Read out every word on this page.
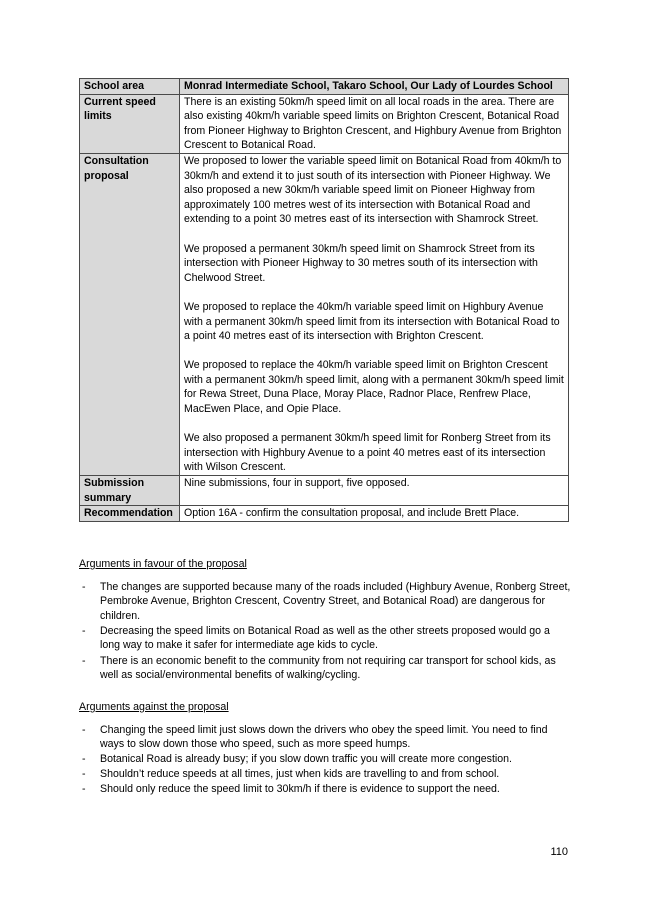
School area	Monrad Intermediate School, Takaro School, Our Lady of Lourdes School

Current speed limits	There is an existing 50km/h speed limit on all local roads in the area. There are also existing 40km/h variable speed limits on Brighton Crescent, Botanical Road from Pioneer Highway to Brighton Crescent, and Highbury Avenue from Brighton Crescent to Botanical Road.

Consultation proposal	We proposed to lower the variable speed limit on Botanical Road from 40km/h to 30km/h and extend it to just south of its intersection with Pioneer Highway. We also proposed a new 30km/h variable speed limit on Pioneer Highway from approximately 100 metres west of its intersection with Botanical Road and extending to a point 30 metres east of its intersection with Shamrock Street.

We proposed a permanent 30km/h speed limit on Shamrock Street from its intersection with Pioneer Highway to 30 metres south of its intersection with Chelwood Street.

We proposed to replace the 40km/h variable speed limit on Highbury Avenue with a permanent 30km/h speed limit from its intersection with Botanical Road to a point 40 metres east of its intersection with Brighton Crescent.

We proposed to replace the 40km/h variable speed limit on Brighton Crescent with a permanent 30km/h speed limit, along with a permanent 30km/h speed limit for Rewa Street, Duna Place, Moray Place, Radnor Place, Renfrew Place, MacEwen Place, and Opie Place.

We also proposed a permanent 30km/h speed limit for Ronberg Street from its intersection with Highbury Avenue to a point 40 metres east of its intersection with Wilson Crescent.

Submission summary	Nine submissions, four in support, five opposed.

Recommendation	Option 16A - confirm the consultation proposal, and include Brett Place.

Arguments in favour of the proposal

- The changes are supported because many of the roads included (Highbury Avenue, Ronberg Street, Pembroke Avenue, Brighton Crescent, Coventry Street, and Botanical Road) are dangerous for children.
- Decreasing the speed limits on Botanical Road as well as the other streets proposed would go a long way to make it safer for intermediate age kids to cycle.
- There is an economic benefit to the community from not requiring car transport for school kids, as well as social/environmental benefits of walking/cycling.

Arguments against the proposal

- Changing the speed limit just slows down the drivers who obey the speed limit. You need to find ways to slow down those who speed, such as more speed humps.
- Botanical Road is already busy; if you slow down traffic you will create more congestion.
- Shouldn’t reduce speeds at all times, just when kids are travelling to and from school.
- Should only reduce the speed limit to 30km/h if there is evidence to support the need.
110
